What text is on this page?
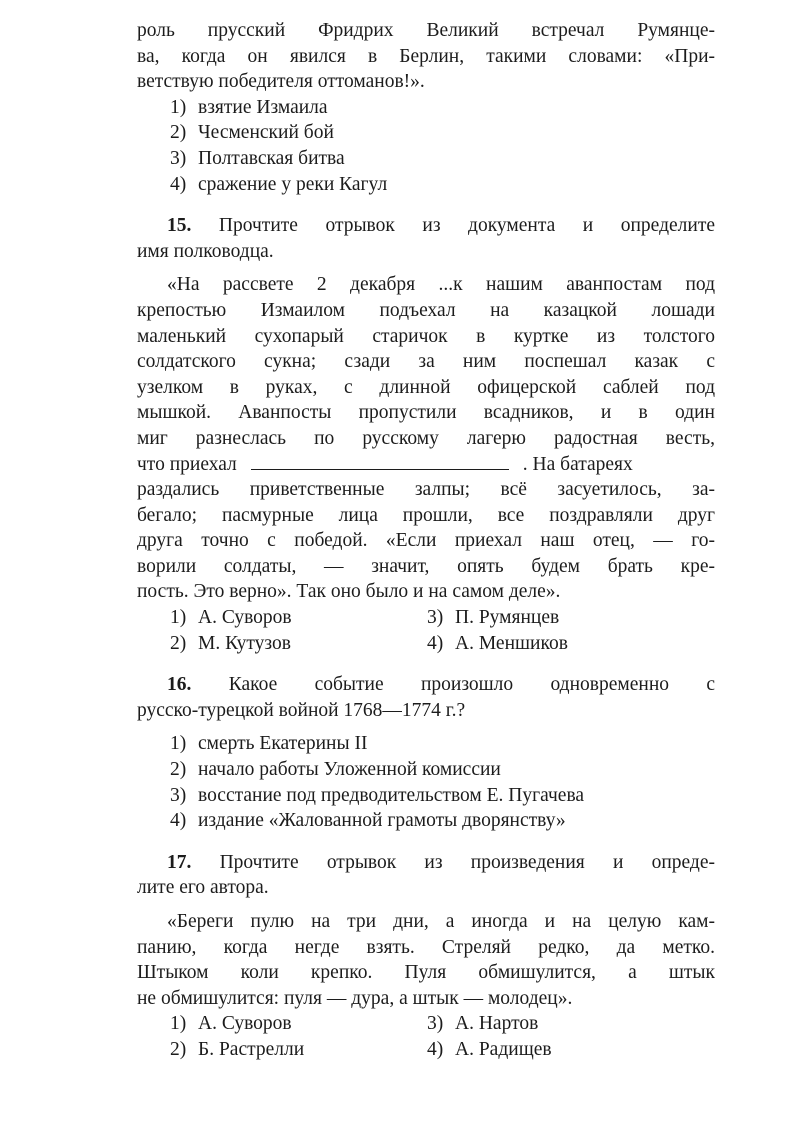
роль прусский Фридрих Великий встречал Румянце-
ва, когда он явился в Берлин, такими словами: «При-
ветствую победителя оттоманов!».
1) взятие Измаила
2) Чесменский бой
3) Полтавская битва
4) сражение у реки Кагул
15. Прочтите отрывок из документа и определите
имя полководца.
«На рассвете 2 декабря ...к нашим аванпостам под
крепостью Измаилом подъехал на казацкой лошади
маленький сухопарый старичок в куртке из толстого
солдатского сукна; сзади за ним поспешал казак с
узелком в руках, с длинной офицерской саблей под
мышкой. Аванпосты пропустили всадников, и в один
миг разнеслась по русскому лагерю радостная весть,
что приехал	. На батареях
раздались приветственные залпы; всё засуетилось, за-
бегало; пасмурные лица прошли, все поздравляли друг
друга точно с победой. «Если приехал наш отец, — го-
ворили солдаты, — значит, опять будем брать кре-
пость. Это верно». Так оно было и на самом деле».
1) А. Суворов	3) П. Румянцев
2) М. Кутузов	4) А. Меншиков
16. Какое событие произошло одновременно с
русско-турецкой войной 1768—1774 г.?
1) смерть Екатерины II
2) начало работы Уложенной комиссии
3) восстание под предводительством Е. Пугачева
4) издание «Жалованной грамоты дворянству»
17. Прочтите отрывок из произведения и опреде-
лите его автора.
«Береги пулю на три дни, а иногда и на целую кам-
панию, когда негде взять. Стреляй редко, да метко.
Штыком коли крепко. Пуля обмишулится, а штык
не обмишулится: пуля — дура, а штык — молодец».
1) А. Суворов	3) А. Нартов
2) Б. Растрелли	4) А. Радищев
